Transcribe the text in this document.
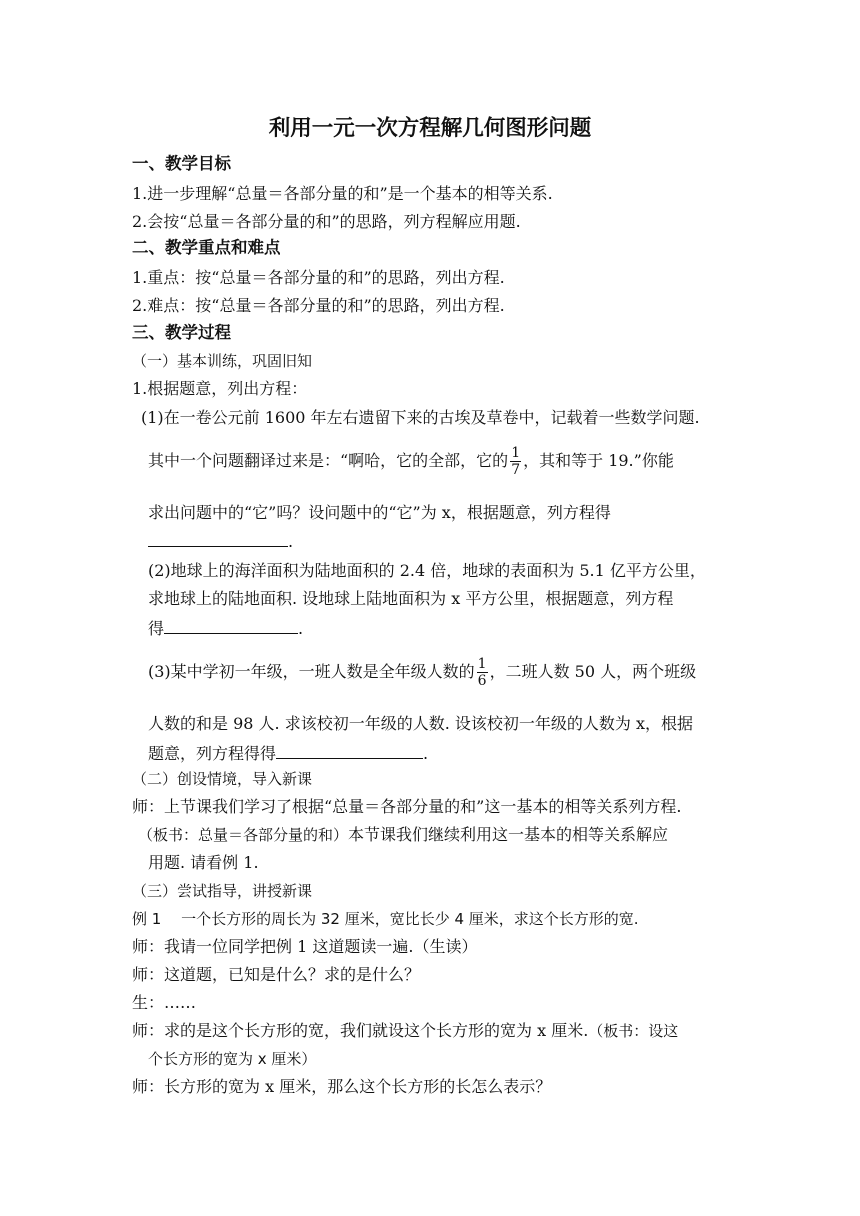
利用一元一次方程解几何图形问题
一、教学目标
1.进一步理解“总量＝各部分量的和”是一个基本的相等关系.
2.会按“总量＝各部分量的和”的思路，列方程解应用题.
二、教学重点和难点
1.重点：按“总量＝各部分量的和”的思路，列出方程.
2.难点：按“总量＝各部分量的和”的思路，列出方程.
三、教学过程
（一）基本训练，巩固旧知
1.根据题意，列出方程：
(1)在一卷公元前 1600 年左右遗留下来的古埃及草卷中，记载着一些数学问题.
其中一个问题翻译过来是：“啊哈，它的全部，它的 $\frac{1}{7}$ ，其和等于 19.”你能
求出问题中的“它”吗？设问题中的“它”为 x，根据题意，列方程得
.
(2)地球上的海洋面积为陆地面积的 2.4 倍，地球的表面积为 5.1 亿平方公里，
求地球上的陆地面积. 设地球上陆地面积为 x 平方公里，根据题意，列方程
得	.
(3)某中学初一年级，一班人数是全年级人数的 $\frac{1}{6}$ ，二班人数 50 人，两个班级
人数的和是 98 人. 求该校初一年级的人数. 设该校初一年级的人数为 x，根据
题意，列方程得得	.
（二）创设情境，导入新课
师：上节课我们学习了根据“总量＝各部分量的和”这一基本的相等关系列方程.
（板书：总量＝各部分量的和）本节课我们继续利用这一基本的相等关系解应
用题. 请看例 1.
（三）尝试指导，讲授新课
例 1　 一个长方形的周长为 32 厘米，宽比长少 4 厘米，求这个长方形的宽.
师：我请一位同学把例 1 这道题读一遍.（生读）
师：这道题，已知是什么？求的是什么？
生：……
师：求的是这个长方形的宽，我们就设这个长方形的宽为 x 厘米.（板书：设这
个长方形的宽为 x 厘米）
师：长方形的宽为 x 厘米，那么这个长方形的长怎么表示？
